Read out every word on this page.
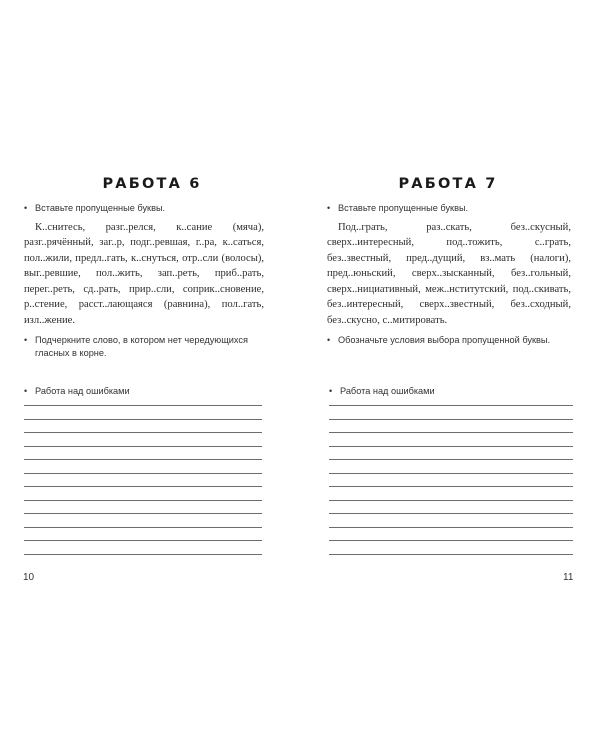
РАБОТА 6
• Вставьте пропущенные буквы.

К..снитесь, разг..релся, к..сание (мяча), разг..рячённый, заг..р, подг..ревшая, г..ра, к..саться, пол..жили, предл..гать, к..снуться, отр..сли (волосы), выг..ревшие, пол..жить, зап..реть, приб..рать, перег..реть, сд..рать, прир..сли, соприк..сновение, р..стение, расст..лающаяся (равнина), пол..гать, изл..жение.

• Подчеркните слово, в котором нет чередующихся гласных в корне.
• Работа над ошибками
10
РАБОТА 7
• Вставьте пропущенные буквы.

Под..грать, раз..скать, без..скусный, сверх..интересный, под..тожить, с..грать, без..звестный, пред..дущий, вз..мать (налоги), пред..юньский, сверх..зысканный, без..гольный, сверх..нициативный, меж..нститутский, под..скивать, без..интересный, сверх..звестный, без..сходный, без..скусно, с..митировать.

• Обозначьте условия выбора пропущенной буквы.
• Работа над ошибками
11
